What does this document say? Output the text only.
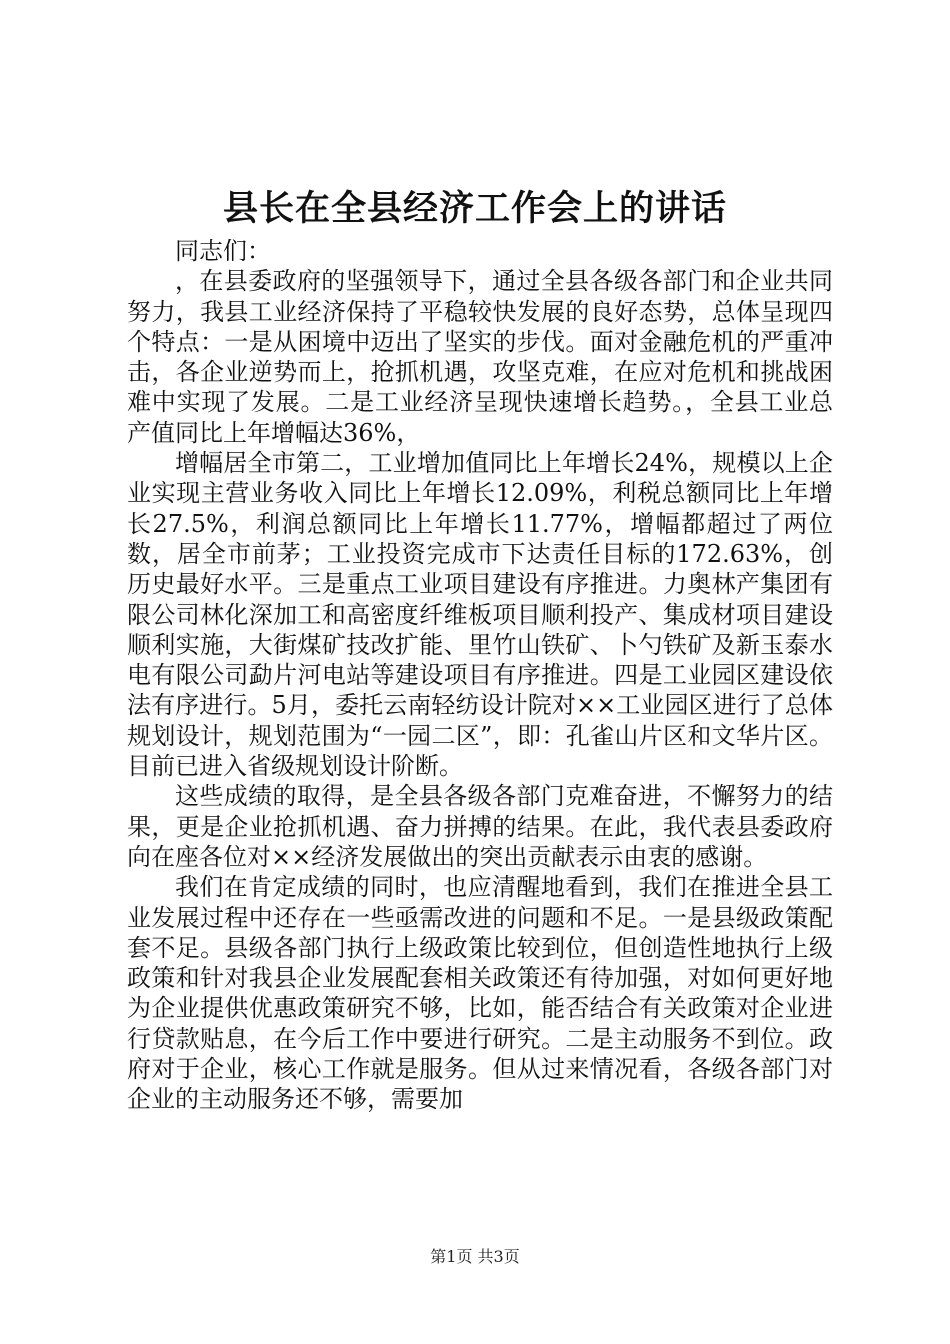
县长在全县经济工作会上的讲话

同志们：

，在县委政府的坚强领导下，通过全县各级各部门和企业共同努力，我县工业经济保持了平稳较快发展的良好态势，总体呈现四个特点：一是从困境中迈出了坚实的步伐。面对金融危机的严重冲击，各企业逆势而上，抢抓机遇，攻坚克难，在应对危机和挑战困难中实现了发展。二是工业经济呈现快速增长趋势。，全县工业总产值同比上年增幅达36%，

增幅居全市第二，工业增加值同比上年增长24%，规模以上企业实现主营业务收入同比上年增长12.09%，利税总额同比上年增长27.5%，利润总额同比上年增长11.77%，增幅都超过了两位数，居全市前茅；工业投资完成市下达责任目标的172.63%，创历史最好水平。三是重点工业项目建设有序推进。力奥林产集团有限公司林化深加工和高密度纤维板项目顺利投产、集成材项目建设顺利实施，大街煤矿技改扩能、里竹山铁矿、卜勺铁矿及新玉泰水电有限公司勐片河电站等建设项目有序推进。四是工业园区建设依法有序进行。5月，委托云南轻纺设计院对××工业园区进行了总体规划设计，规划范围为“一园二区”，即：孔雀山片区和文华片区。目前已进入省级规划设计阶断。

这些成绩的取得，是全县各级各部门克难奋进，不懈努力的结果，更是企业抢抓机遇、奋力拼搏的结果。在此，我代表县委政府向在座各位对××经济发展做出的突出贡献表示由衷的感谢。

我们在肯定成绩的同时，也应清醒地看到，我们在推进全县工业发展过程中还存在一些亟需改进的问题和不足。一是县级政策配套不足。县级各部门执行上级政策比较到位，但创造性地执行上级政策和针对我县企业发展配套相关政策还有待加强，对如何更好地为企业提供优惠政策研究不够，比如，能否结合有关政策对企业进行贷款贴息，在今后工作中要进行研究。二是主动服务不到位。政府对于企业，核心工作就是服务。但从过来情况看，各级各部门对企业的主动服务还不够，需要加

第1页 共3页
